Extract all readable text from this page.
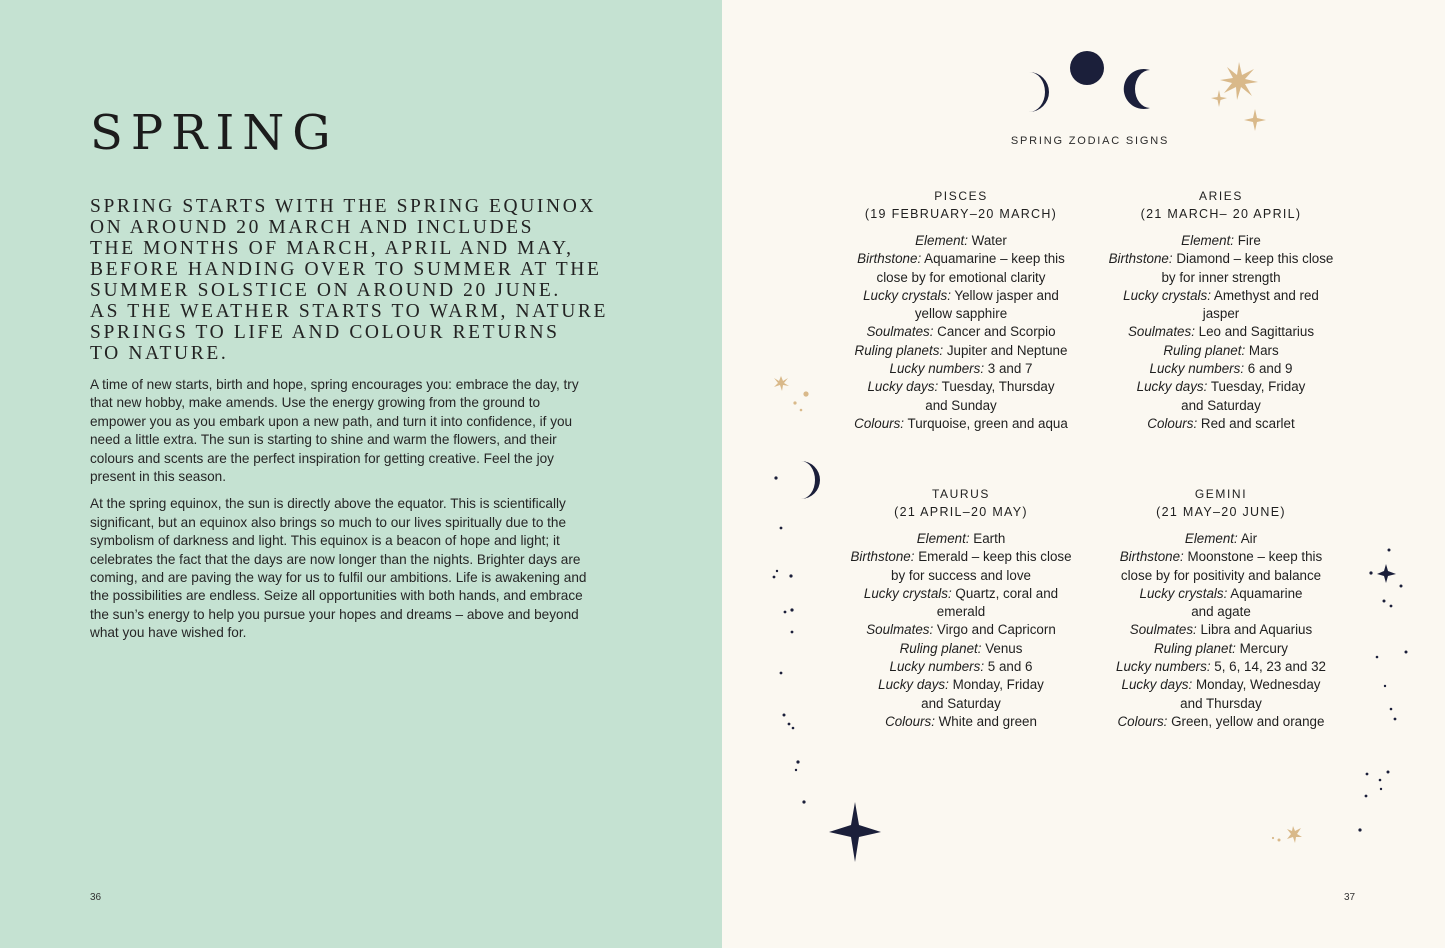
SPRING
SPRING STARTS WITH THE SPRING EQUINOX
ON AROUND 20 MARCH AND INCLUDES
THE MONTHS OF MARCH, APRIL AND MAY,
BEFORE HANDING OVER TO SUMMER AT THE
SUMMER SOLSTICE ON AROUND 20 JUNE.
AS THE WEATHER STARTS TO WARM, NATURE
SPRINGS TO LIFE AND COLOUR RETURNS
TO NATURE.

A time of new starts, birth and hope, spring encourages you: embrace the day, try that new hobby, make amends. Use the energy growing from the ground to empower you as you embark upon a new path, and turn it into confidence, if you need a little extra. The sun is starting to shine and warm the flowers, and their colours and scents are the perfect inspiration for getting creative. Feel the joy present in this season.

At the spring equinox, the sun is directly above the equator. This is scientifically significant, but an equinox also brings so much to our lives spiritually due to the symbolism of darkness and light. This equinox is a beacon of hope and light; it celebrates the fact that the days are now longer than the nights. Brighter days are coming, and are paving the way for us to fulfil our ambitions. Life is awakening and the possibilities are endless. Seize all opportunities with both hands, and embrace the sun’s energy to help you pursue your hopes and dreams – above and beyond what you have wished for.

36
SPRING ZODIAC SIGNS
PISCES
(19 FEBRUARY–20 MARCH)
Element: Water
Birthstone: Aquamarine – keep this
close by for emotional clarity
Lucky crystals: Yellow jasper and
yellow sapphire
Soulmates: Cancer and Scorpio
Ruling planets: Jupiter and Neptune
Lucky numbers: 3 and 7
Lucky days: Tuesday, Thursday
and Sunday
Colours: Turquoise, green and aqua
ARIES
(21 MARCH– 20 APRIL)
Element: Fire
Birthstone: Diamond – keep this close
by for inner strength
Lucky crystals: Amethyst and red
jasper
Soulmates: Leo and Sagittarius
Ruling planet: Mars
Lucky numbers: 6 and 9
Lucky days: Tuesday, Friday
and Saturday
Colours: Red and scarlet
TAURUS
(21 APRIL–20 MAY)
Element: Earth
Birthstone: Emerald – keep this close
by for success and love
Lucky crystals: Quartz, coral and
emerald
Soulmates: Virgo and Capricorn
Ruling planet: Venus
Lucky numbers: 5 and 6
Lucky days: Monday, Friday
and Saturday
Colours: White and green
GEMINI
(21 MAY–20 JUNE)
Element: Air
Birthstone: Moonstone – keep this
close by for positivity and balance
Lucky crystals: Aquamarine
and agate
Soulmates: Libra and Aquarius
Ruling planet: Mercury
Lucky numbers: 5, 6, 14, 23 and 32
Lucky days: Monday, Wednesday
and Thursday
Colours: Green, yellow and orange
37
